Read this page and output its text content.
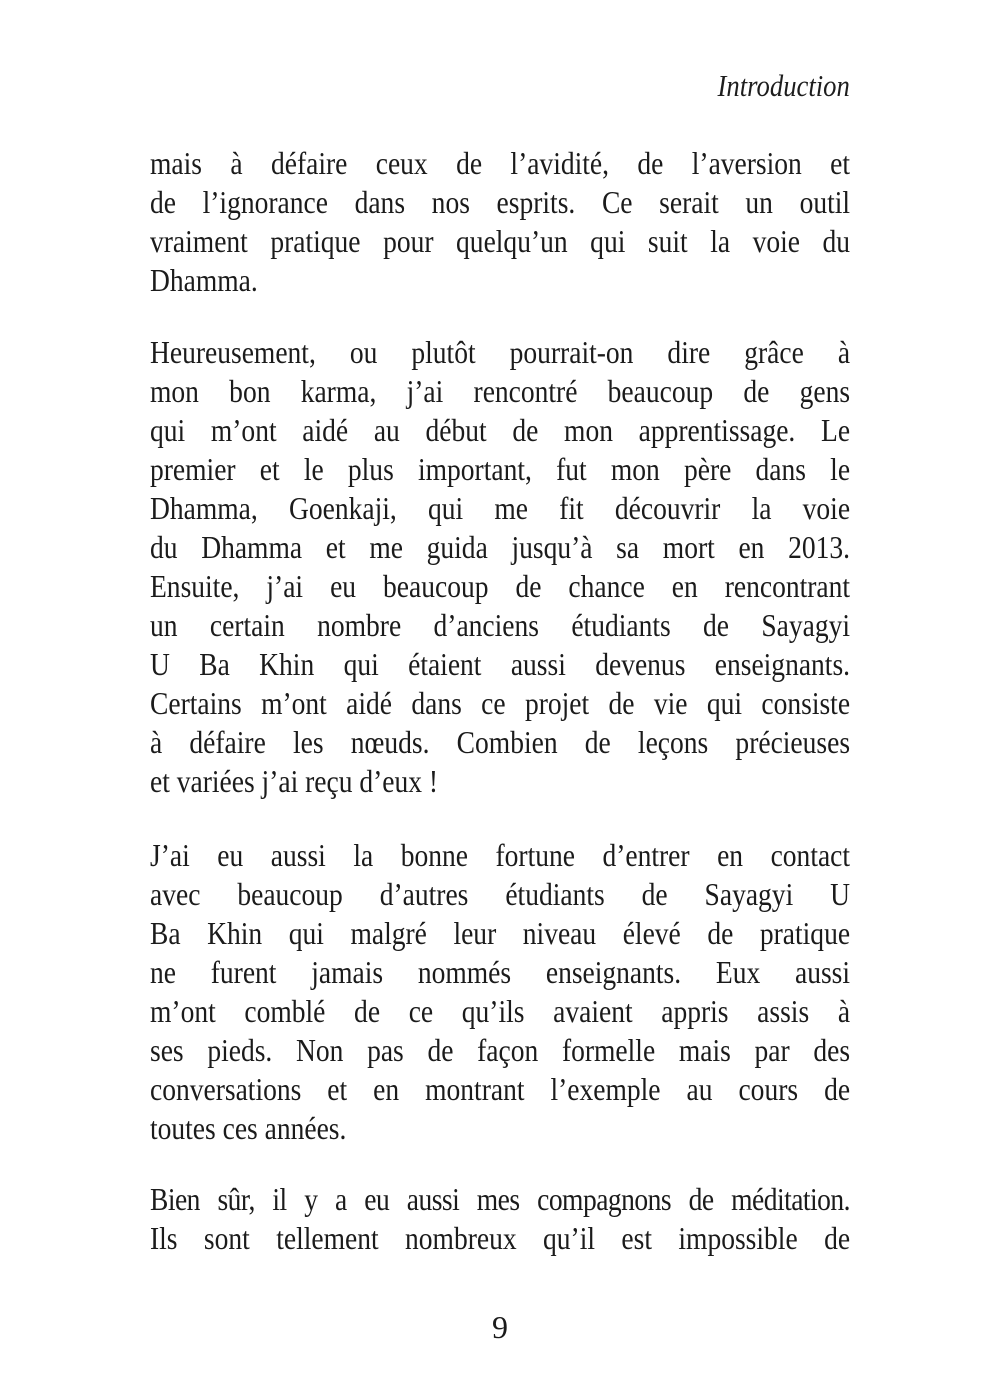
Introduction
mais à défaire ceux de l’avidité, de l’aversion et
de l’ignorance dans nos esprits. Ce serait un outil
vraiment pratique pour quelqu’un qui suit la voie du
Dhamma.
Heureusement, ou plutôt pourrait-on dire grâce à
mon bon karma, j’ai rencontré beaucoup de gens
qui m’ont aidé au début de mon apprentissage. Le
premier et le plus important, fut mon père dans le
Dhamma, Goenkaji, qui me fit découvrir la voie
du Dhamma et me guida jusqu’à sa mort en 2013.
Ensuite, j’ai eu beaucoup de chance en rencontrant
un certain nombre d’anciens étudiants de Sayagyi
U Ba Khin qui étaient aussi devenus enseignants.
Certains m’ont aidé dans ce projet de vie qui consiste
à défaire les nœuds. Combien de leçons précieuses
et variées j’ai reçu d’eux !
J’ai eu aussi la bonne fortune d’entrer en contact
avec beaucoup d’autres étudiants de Sayagyi U
Ba Khin qui malgré leur niveau élevé de pratique
ne furent jamais nommés enseignants. Eux aussi
m’ont comblé de ce qu’ils avaient appris assis à
ses pieds. Non pas de façon formelle mais par des
conversations et en montrant l’exemple au cours de
toutes ces années.
Bien sûr, il y a eu aussi mes compagnons de méditation.
Ils sont tellement nombreux qu’il est impossible de
9
